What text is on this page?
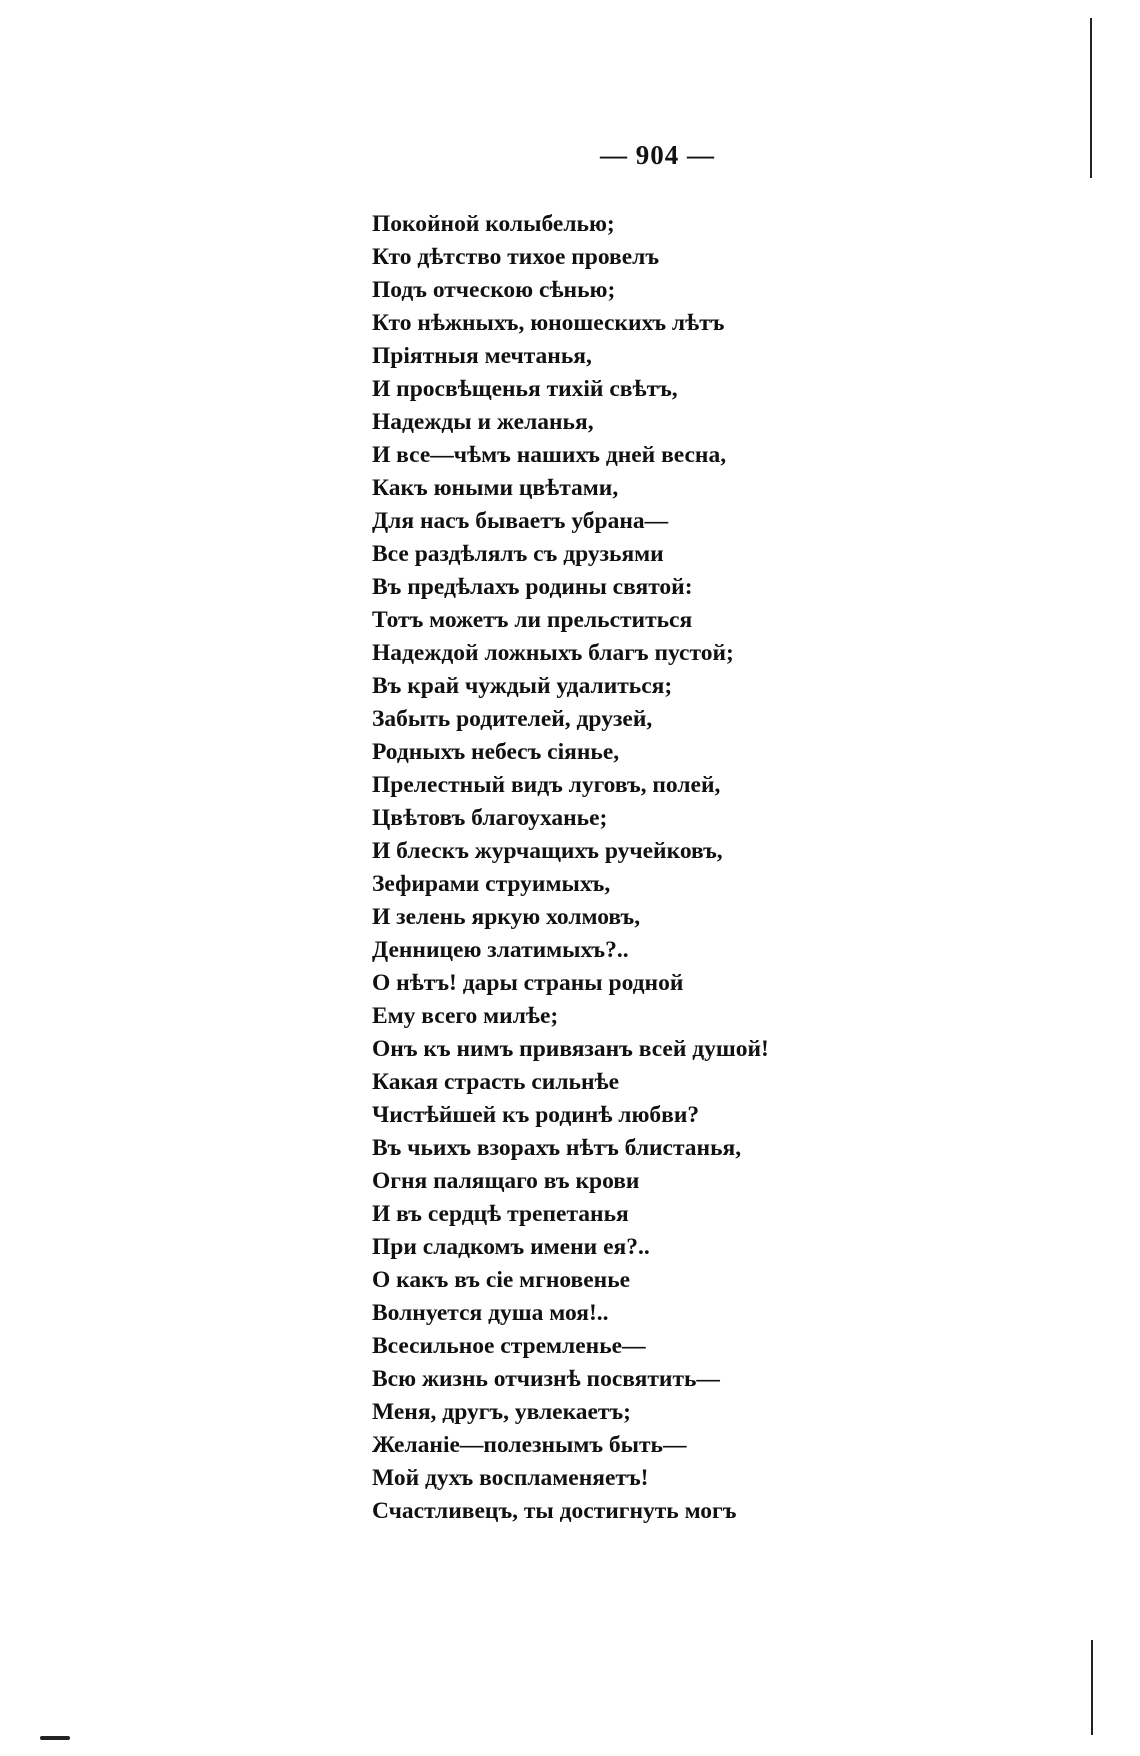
— 904 —
Покойной колыбелью;
Кто дѣтство тихое провелъ
Подъ отческою сѣнью;
Кто нѣжныхъ, юношескихъ лѣтъ
Пріятныя мечтанья,
И просвѣщенья тихій свѣтъ,
Надежды и желанья,
И все—чѣмъ нашихъ дней весна,
Какъ юными цвѣтами,
Для насъ бываетъ убрана—
Все раздѣлялъ съ друзьями
Въ предѣлахъ родины святой:
Тотъ можетъ ли прельститься
Надеждой ложныхъ благъ пустой;
Въ край чуждый удалиться;
Забыть родителей, друзей,
Родныхъ небесъ сіянье,
Прелестный видъ луговъ, полей,
Цвѣтовъ благоуханье;
И блескъ журчащихъ ручейковъ,
Зефирами струимыхъ,
И зелень яркую холмовъ,
Денницею златимыхъ?..
О нѣтъ! дары страны родной
Ему всего милѣе;
Онъ къ нимъ привязанъ всей душой!
Какая страсть сильнѣе
Чистѣйшей къ родинѣ любви?
Въ чьихъ взорахъ нѣтъ блистанья,
Огня палящаго въ крови
И въ сердцѣ трепетанья
При сладкомъ имени ея?..
О какъ въ сіе мгновенье
Волнуется душа моя!..
Всесильное стремленье—
Всю жизнь отчизнѣ посвятить—
Меня, другъ, увлекаетъ;
Желаніе—полезнымъ быть—
Мой духъ воспламеняетъ!
Счастливецъ, ты достигнуть могъ
